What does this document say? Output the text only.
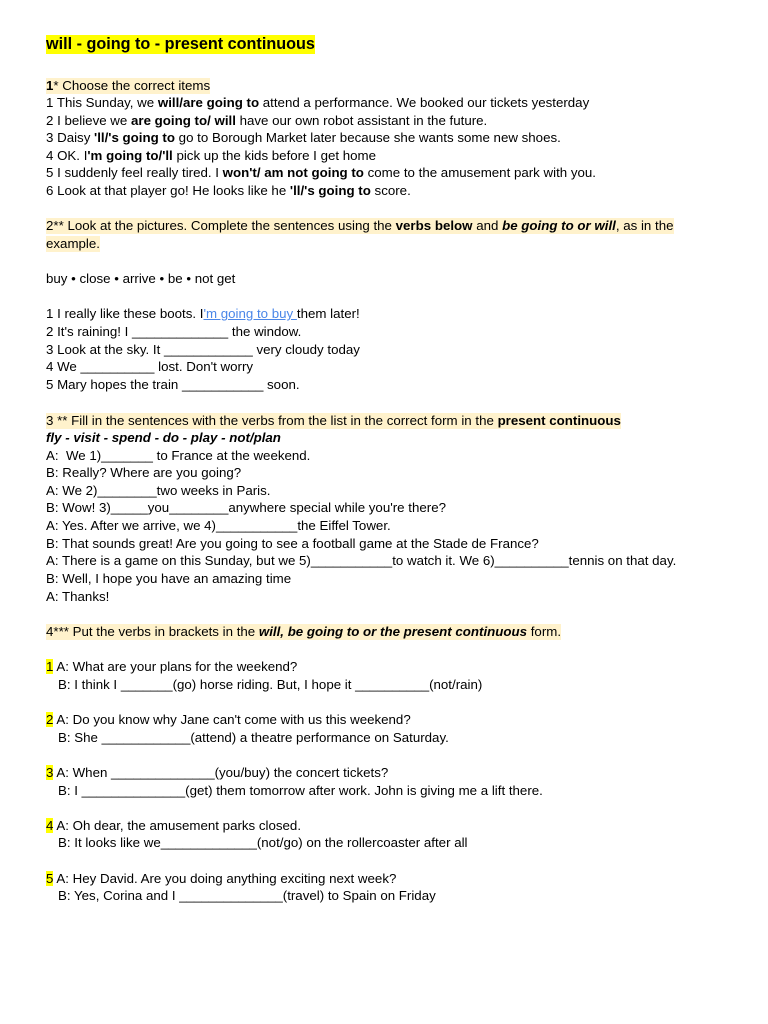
will - going to - present continuous
1* Choose the correct items
1 This Sunday, we will/are going to attend a performance. We booked our tickets yesterday
2 I believe we are going to/ will have our own robot assistant in the future.
3 Daisy 'll/'s going to go to Borough Market later because she wants some new shoes.
4 OK. I'm going to/'ll pick up the kids before I get home
5 I suddenly feel really tired. I won't/ am not going to come to the amusement park with you.
6 Look at that player go! He looks like he 'll/'s going to score.
2** Look at the pictures. Complete the sentences using the verbs below and be going to or will, as in the
example.
buy • close • arrive • be • not get
1 I really like these boots. I'm going to buy them later!
2 It's raining! I _____________ the window.
3 Look at the sky. It ____________ very cloudy today
4 We __________ lost. Don't worry
5 Mary hopes the train ___________ soon.
3 ** Fill in the sentences with the verbs from the list in the correct form in the present continuous
fly - visit - spend - do - play - not/plan
A:  We 1)_______ to France at the weekend.
B: Really? Where are you going?
A: We 2)________two weeks in Paris.
B: Wow! 3)_____you________anywhere special while you're there?
A: Yes. After we arrive, we 4)___________the Eiffel Tower.
B: That sounds great! Are you going to see a football game at the Stade de France?
A: There is a game on this Sunday, but we 5)___________to watch it. We 6)__________tennis on that day.
B: Well, I hope you have an amazing time
A: Thanks!
4*** Put the verbs in brackets in the will, be going to or the present continuous form.
1 A: What are your plans for the weekend?
B: I think I _______(go) horse riding. But, I hope it __________(not/rain)
2 A: Do you know why Jane can't come with us this weekend?
B: She ____________(attend) a theatre performance on Saturday.
3 A: When ______________(you/buy) the concert tickets?
B: I ______________(get) them tomorrow after work. John is giving me a lift there.
4 A: Oh dear, the amusement parks closed.
B: It looks like we_____________(not/go) on the rollercoaster after all
5 A: Hey David. Are you doing anything exciting next week?
B: Yes, Corina and I ______________(travel) to Spain on Friday
